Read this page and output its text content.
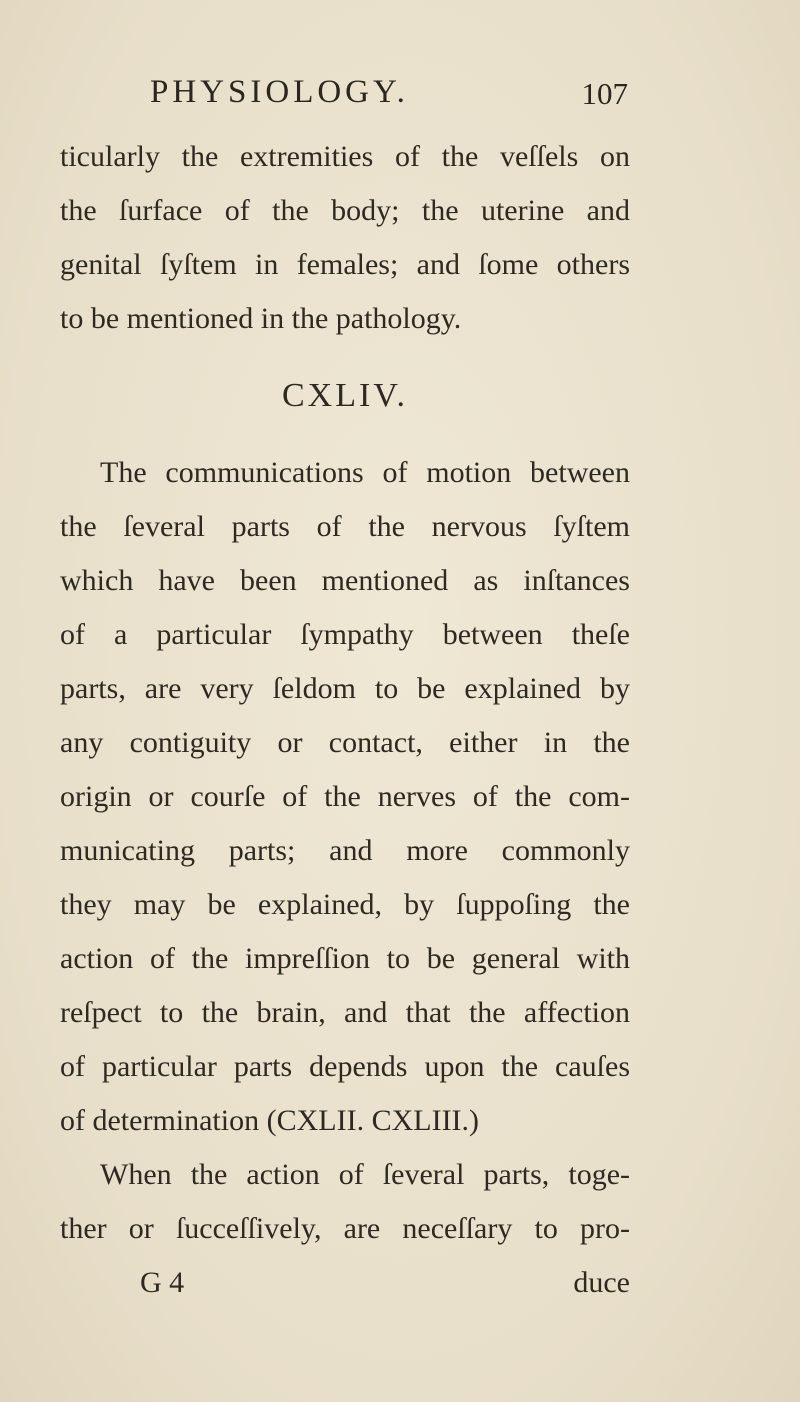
PHYSIOLOGY.	107
ticularly the extremities of the veſſels on
the ſurface of the body; the uterine and
genital ſyſtem in females; and ſome others
to be mentioned in the pathology.
CXLIV.
The communications of motion between
the ſeveral parts of the nervous ſyſtem
which have been mentioned as inſtances
of a particular ſympathy between theſe
parts, are very ſeldom to be explained by
any contiguity or contact, either in the
origin or courſe of the nerves of the com-
municating parts; and more commonly
they may be explained, by ſuppoſing the
action of the impreſſion to be general with
reſpect to the brain, and that the affection
of particular parts depends upon the cauſes
of determination (CXLII. CXLIII.)
When the action of ſeveral parts, toge-
ther or ſucceſſively, are neceſſary to pro-
G 4	duce
